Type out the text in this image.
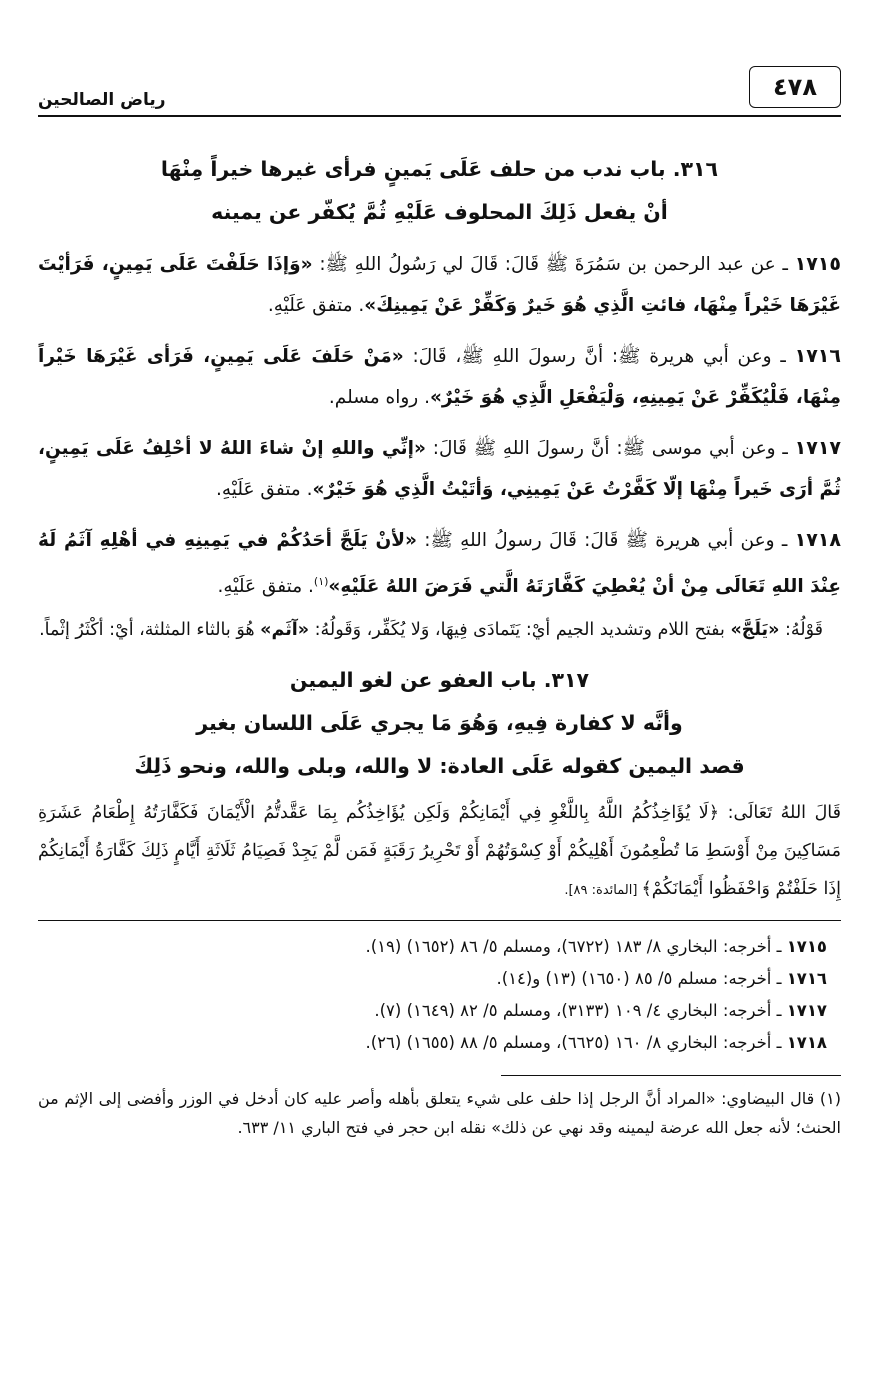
٤٧٨
رياض الصالحين
٣١٦. باب ندب من حلف عَلَى يَمينٍ فرأى غيرها خيراً مِنْهَا
أنْ يفعل ذَلِكَ المحلوف عَلَيْهِ ثُمَّ يُكفّر عن يمينه

١٧١٥ ـ عن عبد الرحمن بن سَمُرَةَ ﷺ قَالَ: قَالَ لي رَسُولُ اللهِ ﷺ: «وَإذَا حَلَفْتَ عَلَى يَمِينٍ، فَرَأيْتَ غَيْرَهَا خَيْراً مِنْهَا، فائتِ الَّذِي هُوَ خَيرٌ وَكَفِّرْ عَنْ يَمِينِكَ». متفق عَلَيْهِ.

١٧١٦ ـ وعن أبي هريرة ﷺ: أنَّ رسولَ اللهِ ﷺ، قَالَ: «مَنْ حَلَفَ عَلَى يَمِينٍ، فَرَأى غَيْرَهَا خَيْراً مِنْهَا، فَلْيُكَفِّرْ عَنْ يَمِينِهِ، وَلْيَفْعَلِ الَّذِي هُوَ خَيْرٌ». رواه مسلم.

١٧١٧ ـ وعن أبي موسى ﷺ: أنَّ رسولَ اللهِ ﷺ قَالَ: «إنِّي واللهِ إنْ شاءَ اللهُ لا أحْلِفُ عَلَى يَمِينٍ، ثُمَّ أرَى خَيراً مِنْهَا إلّا كَفَّرْتُ عَنْ يَمِينِي، وَأتَيْتُ الَّذِي هُوَ خَيْرٌ». متفق عَلَيْهِ.

١٧١٨ ـ وعن أبي هريرة ﷺ قَالَ: قَالَ رسولُ اللهِ ﷺ: «لأنْ يَلَجَّ أحَدُكُمْ في يَمِينِهِ في أهْلِهِ آثَمُ لَهُ عِنْدَ اللهِ تَعَالَى مِنْ أنْ يُعْطِيَ كَفَّارَتَهُ الَّتي فَرَضَ اللهُ عَلَيْهِ»$^{(١)}$. متفق عَلَيْهِ.

قَوْلُهُ: «يَلَجَّ» بفتح اللام وتشديد الجيم أيْ: يَتَمادَى فِيهَا، وَلا يُكَفِّر، وَقَولُهُ: «آثَم» هُوَ بالثاء المثلثة، أيْ: أكْثَرُ إثْماً.

٣١٧. باب العفو عن لغو اليمين
وأنَّه لا كفارة فِيهِ، وَهُوَ مَا يجري عَلَى اللسان بغير
قصد اليمين كقوله عَلَى العادة: لا والله، وبلى والله، ونحو ذَلِكَ

قَالَ اللهُ تَعَالَى: ﴿لَا يُؤَاخِذُكُمُ اللَّهُ بِاللَّغْوِ فِي أَيْمَانِكُمْ وَلَكِن يُؤَاخِذُكُم بِمَا عَقَّدتُّمُ الْأَيْمَانَ فَكَفَّارَتُهُ إِطْعَامُ عَشَرَةِ مَسَاكِينَ مِنْ أَوْسَطِ مَا تُطْعِمُونَ أَهْلِيكُمْ أَوْ كِسْوَتُهُمْ أَوْ تَحْرِيرُ رَقَبَةٍ فَمَن لَّمْ يَجِدْ فَصِيَامُ ثَلَاثَةِ أَيَّامٍ ذَلِكَ كَفَّارَةُ أَيْمَانِكُمْ إِذَا حَلَفْتُمْ وَاحْفَظُوا أَيْمَانَكُمْ﴾ [المائدة: ٨٩].

١٧١٥ ـ أخرجه: البخاري ٨/ ١٨٣ (٦٧٢٢)، ومسلم ٥/ ٨٦ (١٦٥٢) (١٩).
١٧١٦ ـ أخرجه: مسلم ٥/ ٨٥ (١٦٥٠) (١٣) و(١٤).
١٧١٧ ـ أخرجه: البخاري ٤/ ١٠٩ (٣١٣٣)، ومسلم ٥/ ٨٢ (١٦٤٩) (٧).
١٧١٨ ـ أخرجه: البخاري ٨/ ١٦٠ (٦٦٢٥)، ومسلم ٥/ ٨٨ (١٦٥٥) (٢٦).

(١) قال البيضاوي: «المراد أنَّ الرجل إذا حلف على شيء يتعلق بأهله وأصر عليه كان أدخل في الوزر وأفضى إلى الإثم من الحنث؛ لأنه جعل الله عرضة ليمينه وقد نهي عن ذلك» نقله ابن حجر في فتح الباري ١١/ ٦٣٣.
